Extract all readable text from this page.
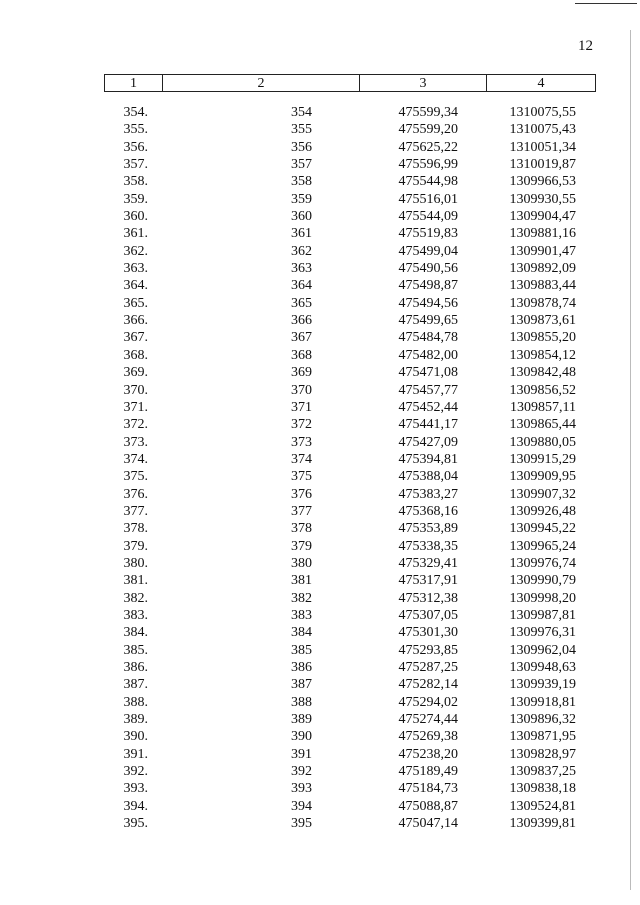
12
1	2	3	4
354.	354	475599,34	1310075,55
355.	355	475599,20	1310075,43
356.	356	475625,22	1310051,34
357.	357	475596,99	1310019,87
358.	358	475544,98	1309966,53
359.	359	475516,01	1309930,55
360.	360	475544,09	1309904,47
361.	361	475519,83	1309881,16
362.	362	475499,04	1309901,47
363.	363	475490,56	1309892,09
364.	364	475498,87	1309883,44
365.	365	475494,56	1309878,74
366.	366	475499,65	1309873,61
367.	367	475484,78	1309855,20
368.	368	475482,00	1309854,12
369.	369	475471,08	1309842,48
370.	370	475457,77	1309856,52
371.	371	475452,44	1309857,11
372.	372	475441,17	1309865,44
373.	373	475427,09	1309880,05
374.	374	475394,81	1309915,29
375.	375	475388,04	1309909,95
376.	376	475383,27	1309907,32
377.	377	475368,16	1309926,48
378.	378	475353,89	1309945,22
379.	379	475338,35	1309965,24
380.	380	475329,41	1309976,74
381.	381	475317,91	1309990,79
382.	382	475312,38	1309998,20
383.	383	475307,05	1309987,81
384.	384	475301,30	1309976,31
385.	385	475293,85	1309962,04
386.	386	475287,25	1309948,63
387.	387	475282,14	1309939,19
388.	388	475294,02	1309918,81
389.	389	475274,44	1309896,32
390.	390	475269,38	1309871,95
391.	391	475238,20	1309828,97
392.	392	475189,49	1309837,25
393.	393	475184,73	1309838,18
394.	394	475088,87	1309524,81
395.	395	475047,14	1309399,81
